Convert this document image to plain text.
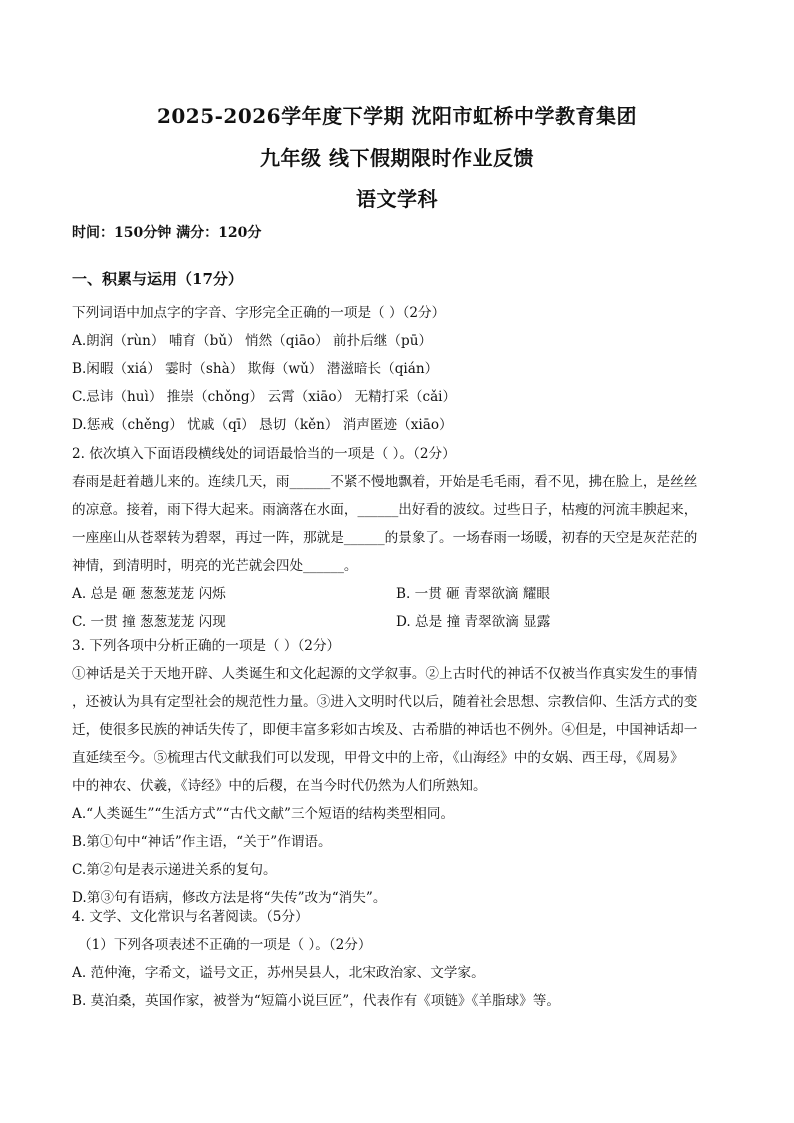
2025-2026学年度下学期 沈阳市虹桥中学教育集团
九年级 线下假期限时作业反馈
语文学科
时间：150分钟 满分：120分
一、积累与运用（17分）
下列词语中加点字的字音、字形完全正确的一项是（ ）（2分）
A.朗润（rùn） 哺育（bǔ） 悄然（qiāo） 前扑后继（pū）
B.闲暇（xiá） 霎时（shà） 欺侮（wǔ） 潜滋暗长（qián）
C.忌讳（huì） 推崇（chǒng） 云霄（xiāo） 无精打采（cǎi）
D.惩戒（chěng） 忧戚（qī） 恳切（kěn） 消声匿迹（xiāo）
2. 依次填入下面语段横线处的词语最恰当的一项是（ ）。（2分）
春雨是赶着趟儿来的。连续几天，雨______不紧不慢地飘着，开始是毛毛雨，看不见，拂在脸上，是丝丝
的凉意。接着，雨下得大起来。雨滴落在水面，______出好看的波纹。过些日子，枯瘦的河流丰腴起来，
一座座山从苍翠转为碧翠，再过一阵，那就是______的景象了。一场春雨一场暖，初春的天空是灰茫茫的
神情，到清明时，明亮的光芒就会四处______。
A. 总是 砸 葱葱茏茏 闪烁	B. 一贯 砸 青翠欲滴 耀眼
C. 一贯 撞 葱葱茏茏 闪现	D. 总是 撞 青翠欲滴 显露
3. 下列各项中分析正确的一项是（ ）（2分）
①神话是关于天地开辟、人类诞生和文化起源的文学叙事。②上古时代的神话不仅被当作真实发生的事情
，还被认为具有定型社会的规范性力量。③进入文明时代以后，随着社会思想、宗教信仰、生活方式的变
迁，使很多民族的神话失传了，即便丰富多彩如古埃及、古希腊的神话也不例外。④但是，中国神话却一
直延续至今。⑤梳理古代文献我们可以发现，甲骨文中的上帝，《山海经》中的女娲、西王母，《周易》
中的神农、伏羲，《诗经》中的后稷，在当今时代仍然为人们所熟知。
A.“人类诞生”“生活方式”“古代文献”三个短语的结构类型相同。
B.第①句中“神话”作主语，“关于”作谓语。
C.第②句是表示递进关系的复句。
D.第③句有语病，修改方法是将“失传”改为“消失”。
4. 文学、文化常识与名著阅读。（5分）
（1）下列各项表述不正确的一项是（ ）。（2分）
A. 范仲淹，字希文，谥号文正，苏州吴县人，北宋政治家、文学家。
B. 莫泊桑，英国作家，被誉为“短篇小说巨匠”，代表作有《项链》《羊脂球》等。
